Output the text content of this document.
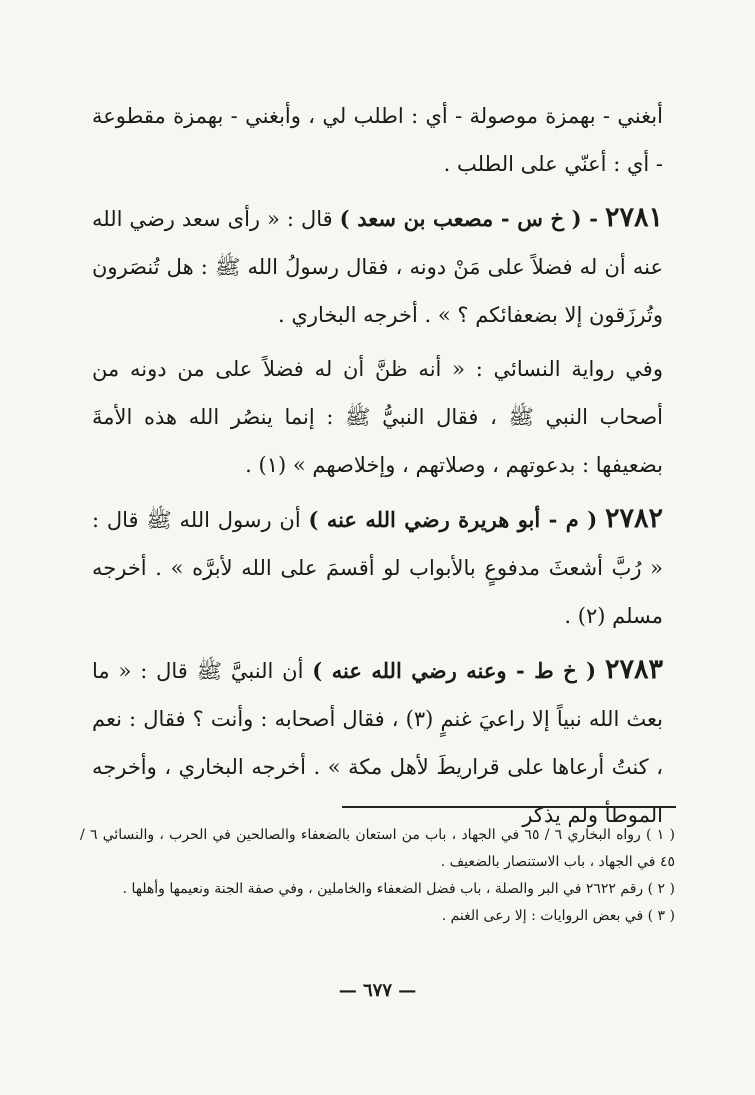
أبغني - بهمزة موصولة - أي : اطلب لي ، وأبغني - بهمزة مقطوعة - أي : أعنّي على الطلب .

٢٧٨١ - ( خ س - مصعب بن سعد ) قال : « رأى سعد رضي الله عنه أن له فضلاً على مَنْ دونه ، فقال رسولُ الله ﷺ : هل تُنصَرون وتُرزَقون إلا بضعفائكم ؟ » . أخرجه البخاري .

وفي رواية النسائي : « أنه ظنَّ أن له فضلاً على من دونه من أصحاب النبي ﷺ ، فقال النبيُّ ﷺ : إنما ينصُر الله هذه الأمةَ بضعيفها : بدعوتهم ، وصلاتهم ، وإخلاصهم » (١) .

٢٧٨٢ ( م - أبو هريرة رضي الله عنه ) أن رسول الله ﷺ قال : « رُبَّ أشعثَ مدفوعٍ بالأبواب لو أقسمَ على الله لأبرَّه » . أخرجه مسلم (٢) .

٢٧٨٣ ( خ ط - وعنه رضي الله عنه ) أن النبيَّ ﷺ قال : « ما بعث الله نبياً إلا راعيَ غنمٍ (٣) ، فقال أصحابه : وأنت ؟ فقال : نعم ، كنتُ أرعاها على قراريطَ لأهل مكة » . أخرجه البخاري ، وأخرجه الموطأ ولم يذكر

( ١ ) رواه البخاري ٦ / ٦٥ في الجهاد ، باب من استعان بالضعفاء والصالحين في الحرب ، والنسائي ٦ / ٤٥ في الجهاد ، باب الاستنصار بالضعيف .

( ٢ ) رقم ٢٦٢٢ في البر والصلة ، باب فضل الضعفاء والخاملين ، وفي صفة الجنة ونعيمها وأهلها .

( ٣ ) في بعض الروايات : إلا رعى الغنم .

— ٦٧٧ —
